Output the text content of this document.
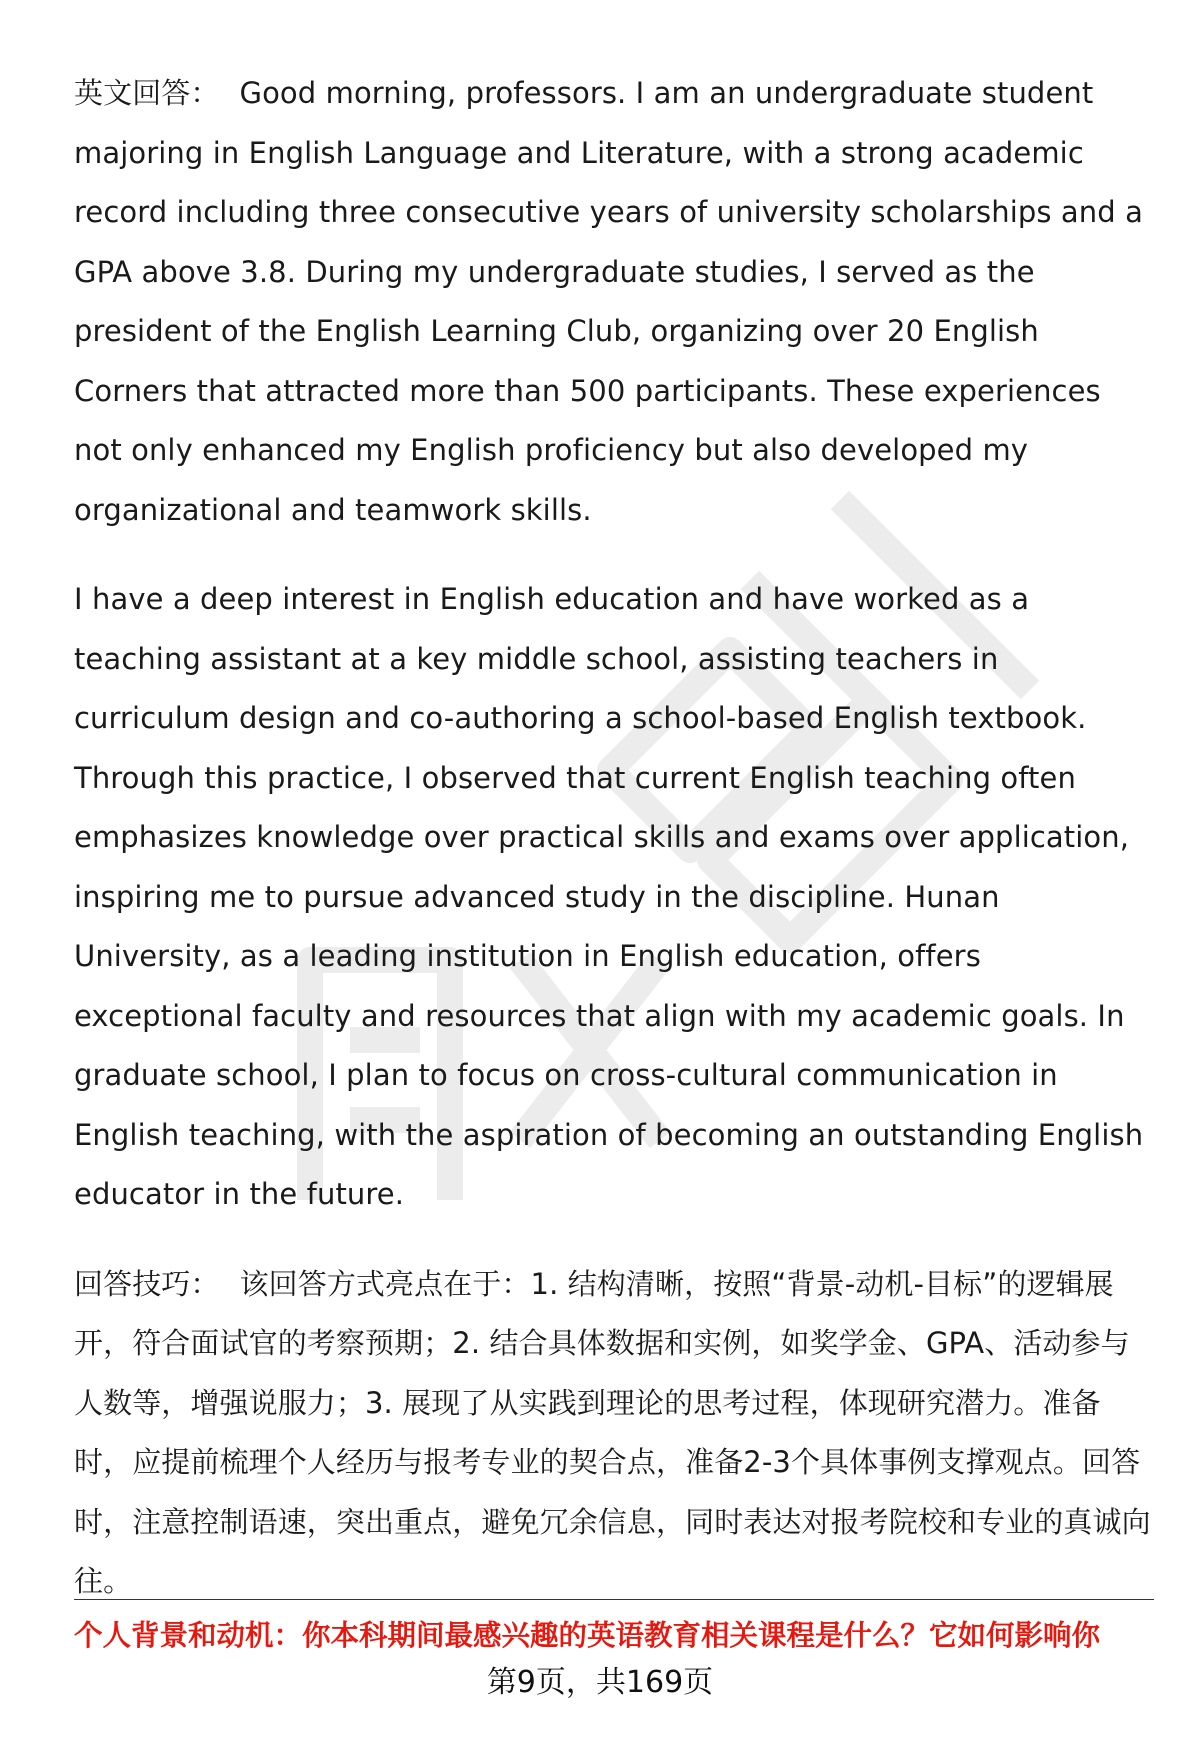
英文回答： Good morning, professors. I am an undergraduate student majoring in English Language and Literature, with a strong academic record including three consecutive years of university scholarships and a GPA above 3.8. During my undergraduate studies, I served as the president of the English Learning Club, organizing over 20 English Corners that attracted more than 500 participants. These experiences not only enhanced my English proficiency but also developed my organizational and teamwork skills.

I have a deep interest in English education and have worked as a teaching assistant at a key middle school, assisting teachers in curriculum design and co-authoring a school-based English textbook. Through this practice, I observed that current English teaching often emphasizes knowledge over practical skills and exams over application, inspiring me to pursue advanced study in the discipline. Hunan University, as a leading institution in English education, offers exceptional faculty and resources that align with my academic goals. In graduate school, I plan to focus on cross-cultural communication in English teaching, with the aspiration of becoming an outstanding English educator in the future.

回答技巧： 该回答方式亮点在于：1. 结构清晰，按照“背景-动机-目标”的逻辑展开，符合面试官的考察预期；2. 结合具体数据和实例，如奖学金、GPA、活动参与人数等，增强说服力；3. 展现了从实践到理论的思考过程，体现研究潜力。准备时，应提前梳理个人经历与报考专业的契合点，准备2-3个具体事例支撑观点。回答时，注意控制语速，突出重点，避免冗余信息，同时表达对报考院校和专业的真诚向往。

个人背景和动机：你本科期间最感兴趣的英语教育相关课程是什么？它如何影响你
第9页，共169页
